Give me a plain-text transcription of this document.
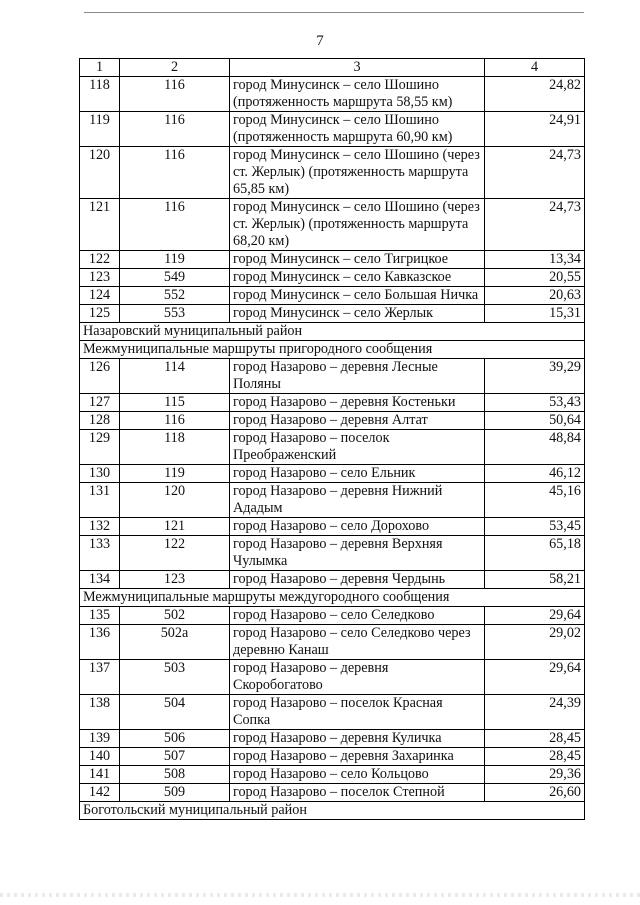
7
1	2	3	4
118	116	город Минусинск – село Шошино (протяженность маршрута 58,55 км)	24,82
119	116	город Минусинск – село Шошино (протяженность маршрута 60,90 км)	24,91
120	116	город Минусинск – село Шошино (через ст. Жерлык) (протяженность маршрута 65,85 км)	24,73
121	116	город Минусинск – село Шошино (через ст. Жерлык) (протяженность маршрута 68,20 км)	24,73
122	119	город Минусинск – село Тигрицкое	13,34
123	549	город Минусинск – село Кавказское	20,55
124	552	город Минусинск – село Большая Ничка	20,63
125	553	город Минусинск – село Жерлык	15,31
Назаровский муниципальный район			
Межмуниципальные маршруты пригородного сообщения			
126	114	город Назарово – деревня Лесные Поляны	39,29
127	115	город Назарово – деревня Костеньки	53,43
128	116	город Назарово – деревня Алтат	50,64
129	118	город Назарово – поселок Преображенский	48,84
130	119	город Назарово – село Ельник	46,12
131	120	город Назарово – деревня Нижний Ададым	45,16
132	121	город Назарово – село Дорохово	53,45
133	122	город Назарово – деревня Верхняя Чулымка	65,18
134	123	город Назарово – деревня Чердынь	58,21
Межмуниципальные маршруты междугородного сообщения			
135	502	город Назарово – село Селедково	29,64
136	502а	город Назарово – село Селедково через деревню Канаш	29,02
137	503	город Назарово – деревня Скоробогатово	29,64
138	504	город Назарово – поселок Красная Сопка	24,39
139	506	город Назарово – деревня Куличка	28,45
140	507	город Назарово – деревня Захаринка	28,45
141	508	город Назарово – село Кольцово	29,36
142	509	город Назарово – поселок Степной	26,60
Боготольский муниципальный район			
